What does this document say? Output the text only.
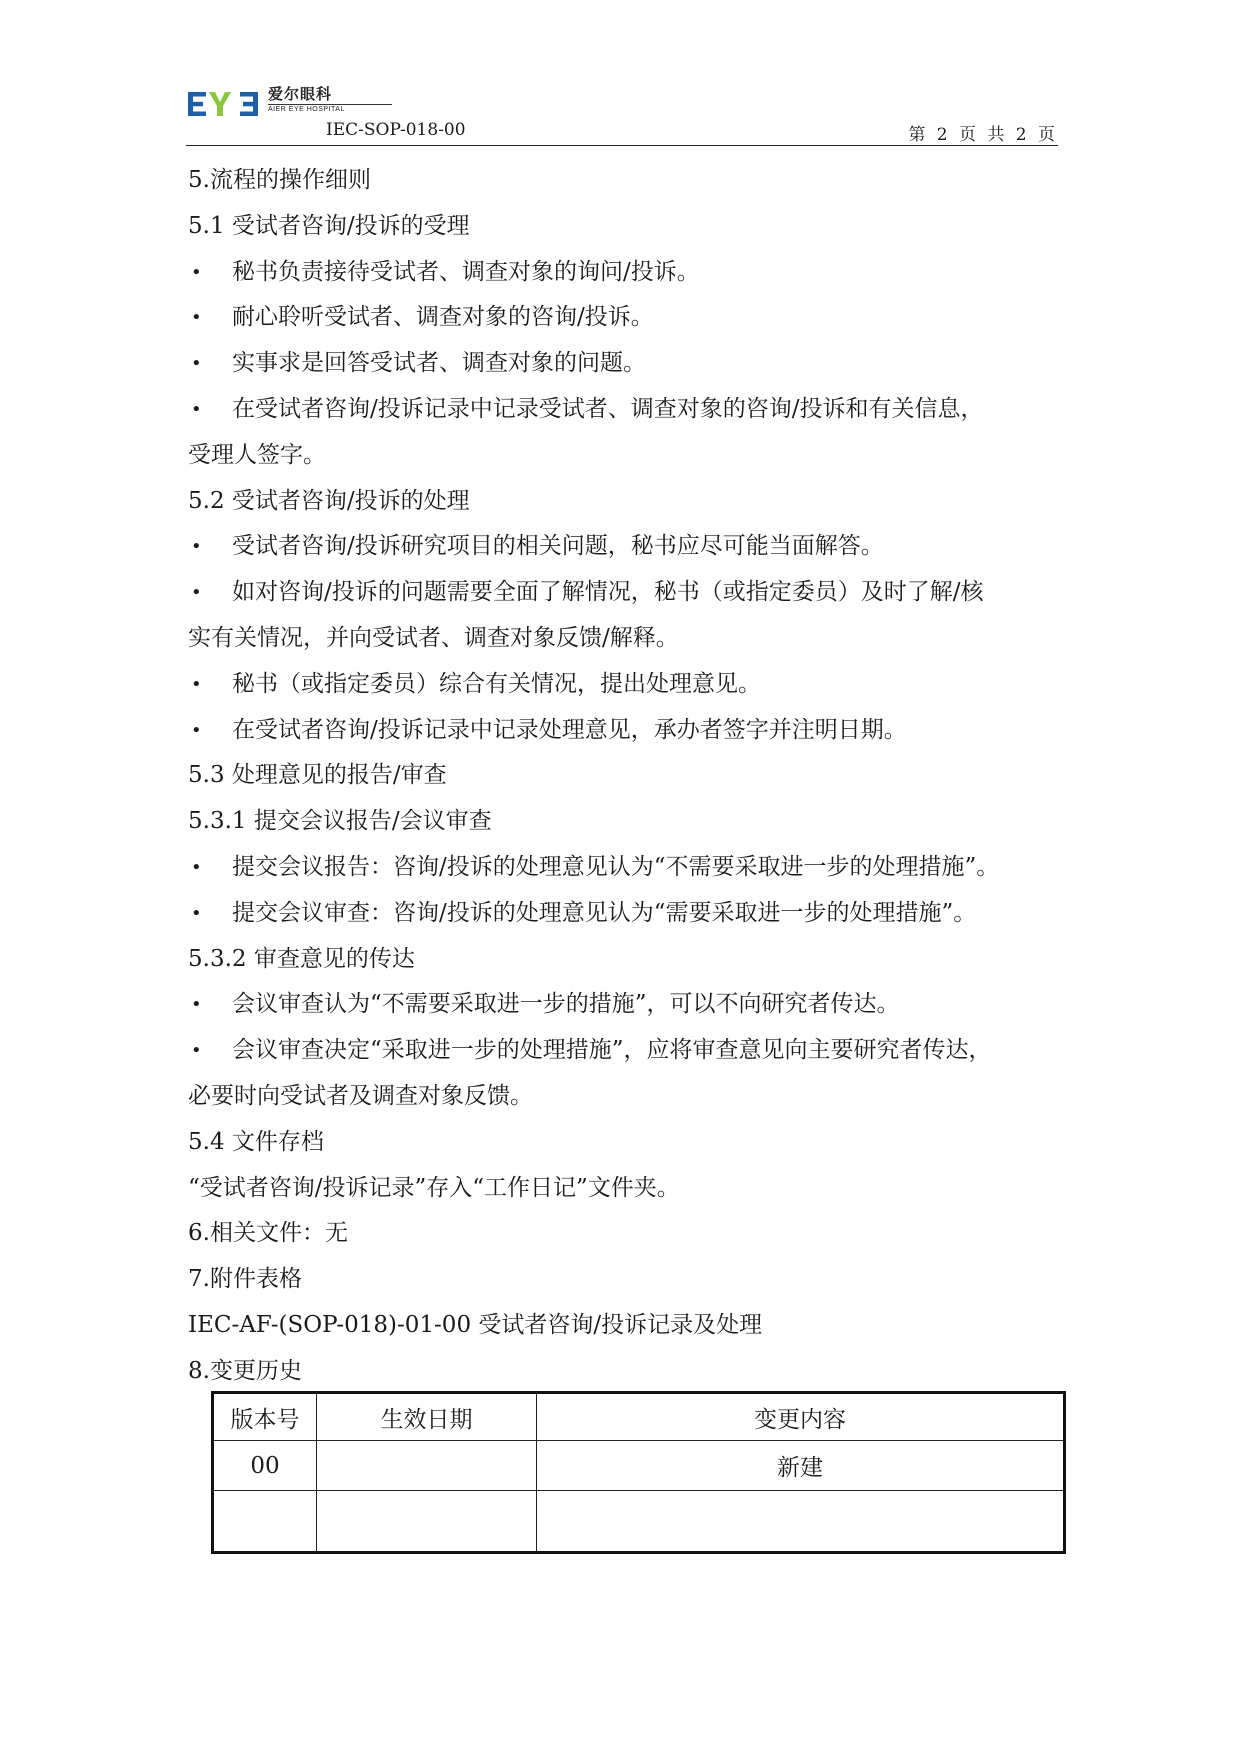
爱尔眼科
AIER EYE HOSPITAL
IEC-SOP-018-00	第 2 页 共 2 页
5.流程的操作细则
5.1 受试者咨询/投诉的受理
• 秘书负责接待受试者、调查对象的询问/投诉。
• 耐心聆听受试者、调查对象的咨询/投诉。
• 实事求是回答受试者、调查对象的问题。
• 在受试者咨询/投诉记录中记录受试者、调查对象的咨询/投诉和有关信息，
受理人签字。
5.2 受试者咨询/投诉的处理
• 受试者咨询/投诉研究项目的相关问题，秘书应尽可能当面解答。
• 如对咨询/投诉的问题需要全面了解情况，秘书（或指定委员）及时了解/核
实有关情况，并向受试者、调查对象反馈/解释。
• 秘书（或指定委员）综合有关情况，提出处理意见。
• 在受试者咨询/投诉记录中记录处理意见，承办者签字并注明日期。
5.3 处理意见的报告/审查
5.3.1 提交会议报告/会议审查
• 提交会议报告：咨询/投诉的处理意见认为“不需要采取进一步的处理措施”。
• 提交会议审查：咨询/投诉的处理意见认为“需要采取进一步的处理措施”。
5.3.2 审查意见的传达
• 会议审查认为“不需要采取进一步的措施”，可以不向研究者传达。
• 会议审查决定“采取进一步的处理措施”，应将审查意见向主要研究者传达，
必要时向受试者及调查对象反馈。
5.4 文件存档
“受试者咨询/投诉记录”存入“工作日记”文件夹。
6.相关文件：无
7.附件表格
IEC-AF-(SOP-018)-01-00 受试者咨询/投诉记录及处理
8.变更历史
版本号	生效日期	变更内容
00		新建
